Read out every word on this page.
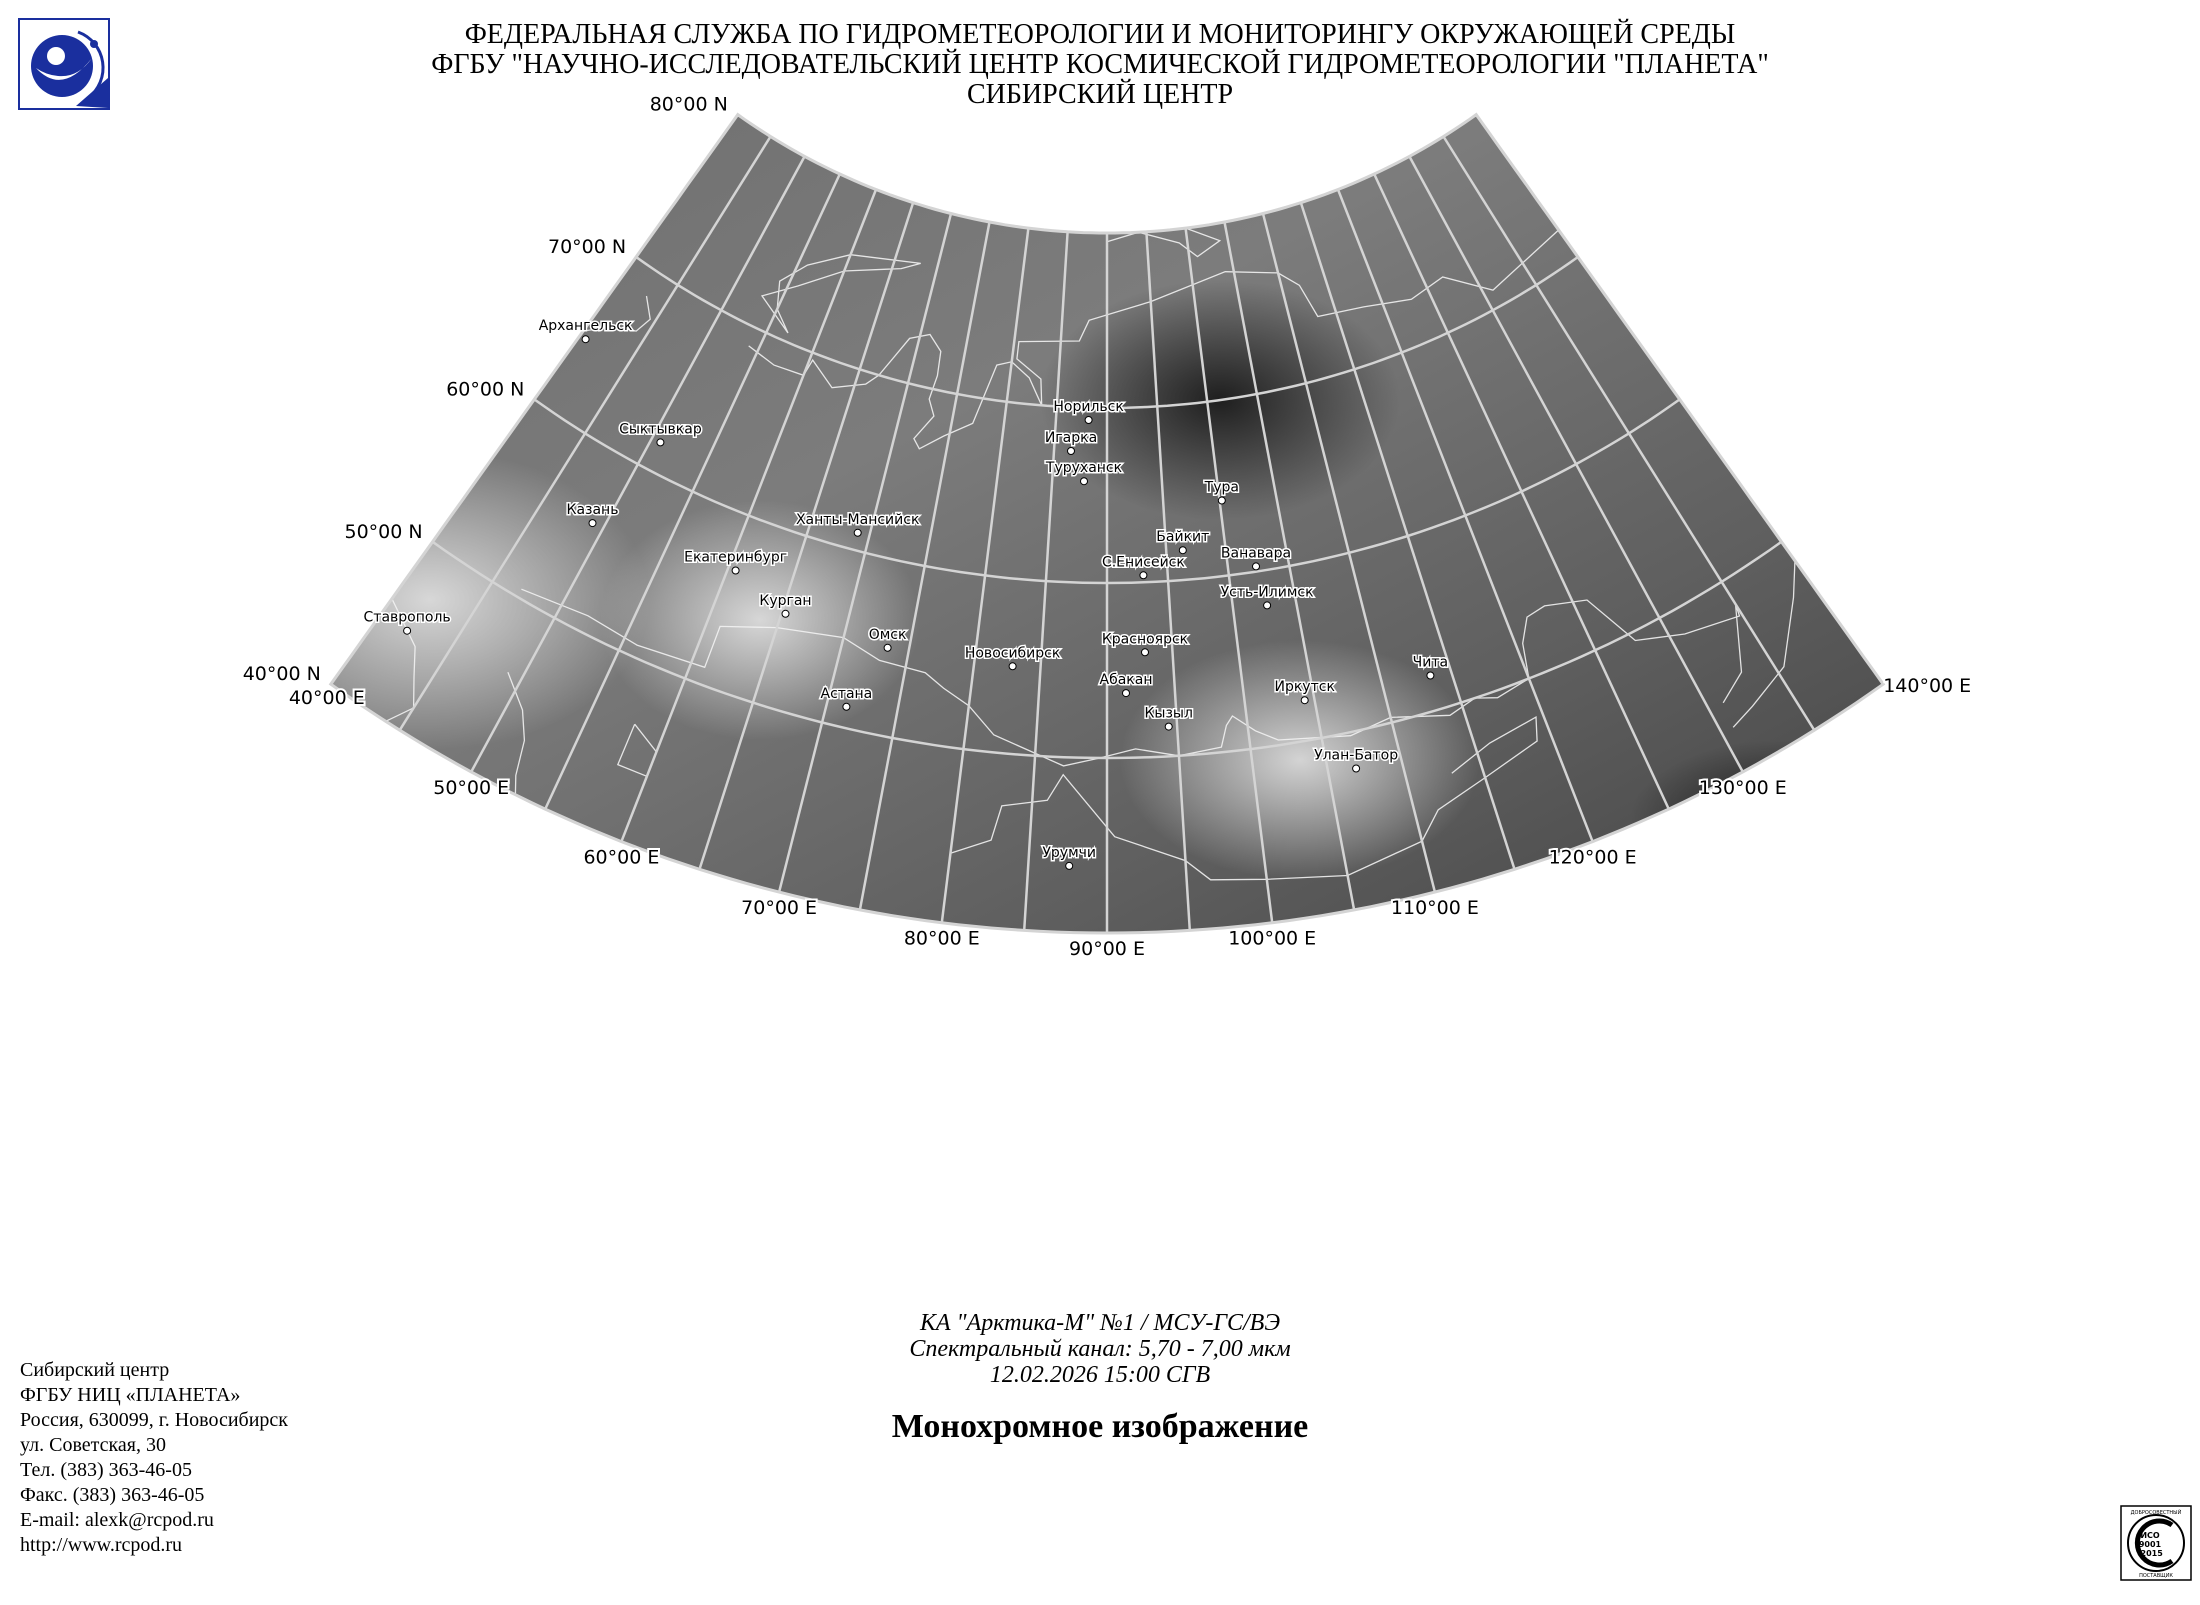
ФЕДЕРАЛЬНАЯ СЛУЖБА ПО ГИДРОМЕТЕОРОЛОГИИ И МОНИТОРИНГУ ОКРУЖАЮЩЕЙ СРЕДЫ
ФГБУ "НАУЧНО-ИССЛЕДОВАТЕЛЬСКИЙ ЦЕНТР КОСМИЧЕСКОЙ ГИДРОМЕТЕОРОЛОГИИ "ПЛАНЕТА"
СИБИРСКИЙ ЦЕНТР
80°00 N
70°00 N
60°00 N
50°00 N
40°00 N
40°00 E
50°00 E
60°00 E
70°00 E
80°00 E	90°00 E	100°00 E
110°00 E
120°00 E
130°00 E
140°00 E
Архангельск
Сыктывкар
Казань
Ставрополь
Ханты-Мансийск
Екатеринбург
Курган
Омск
Астана
Новосибирск
Норильск
Игарка
Туруханск
Тура
Байкит
С.Енисейск
Ванавара
Усть-Илимск
Красноярск
Абакан
Кызыл
Иркутск
Чита
Улан-Батор
Урумчи
КА "Арктика-М" №1 / МСУ-ГС/ВЭ
Спектральный канал: 5,70 - 7,00 мкм
12.02.2026 15:00 СГВ
Монохромное изображение
Сибирский центр
ФГБУ НИЦ «ПЛАНЕТА»
Россия, 630099, г. Новосибирск
ул. Советская, 30
Тел. (383) 363-46-05
Факс. (383) 363-46-05
E-mail: alexk@rcpod.ru
http://www.rcpod.ru
ДОБРОСОВЕСТНЫЙ
ИСО
9001
-2015
ПОСТАВЩИК
